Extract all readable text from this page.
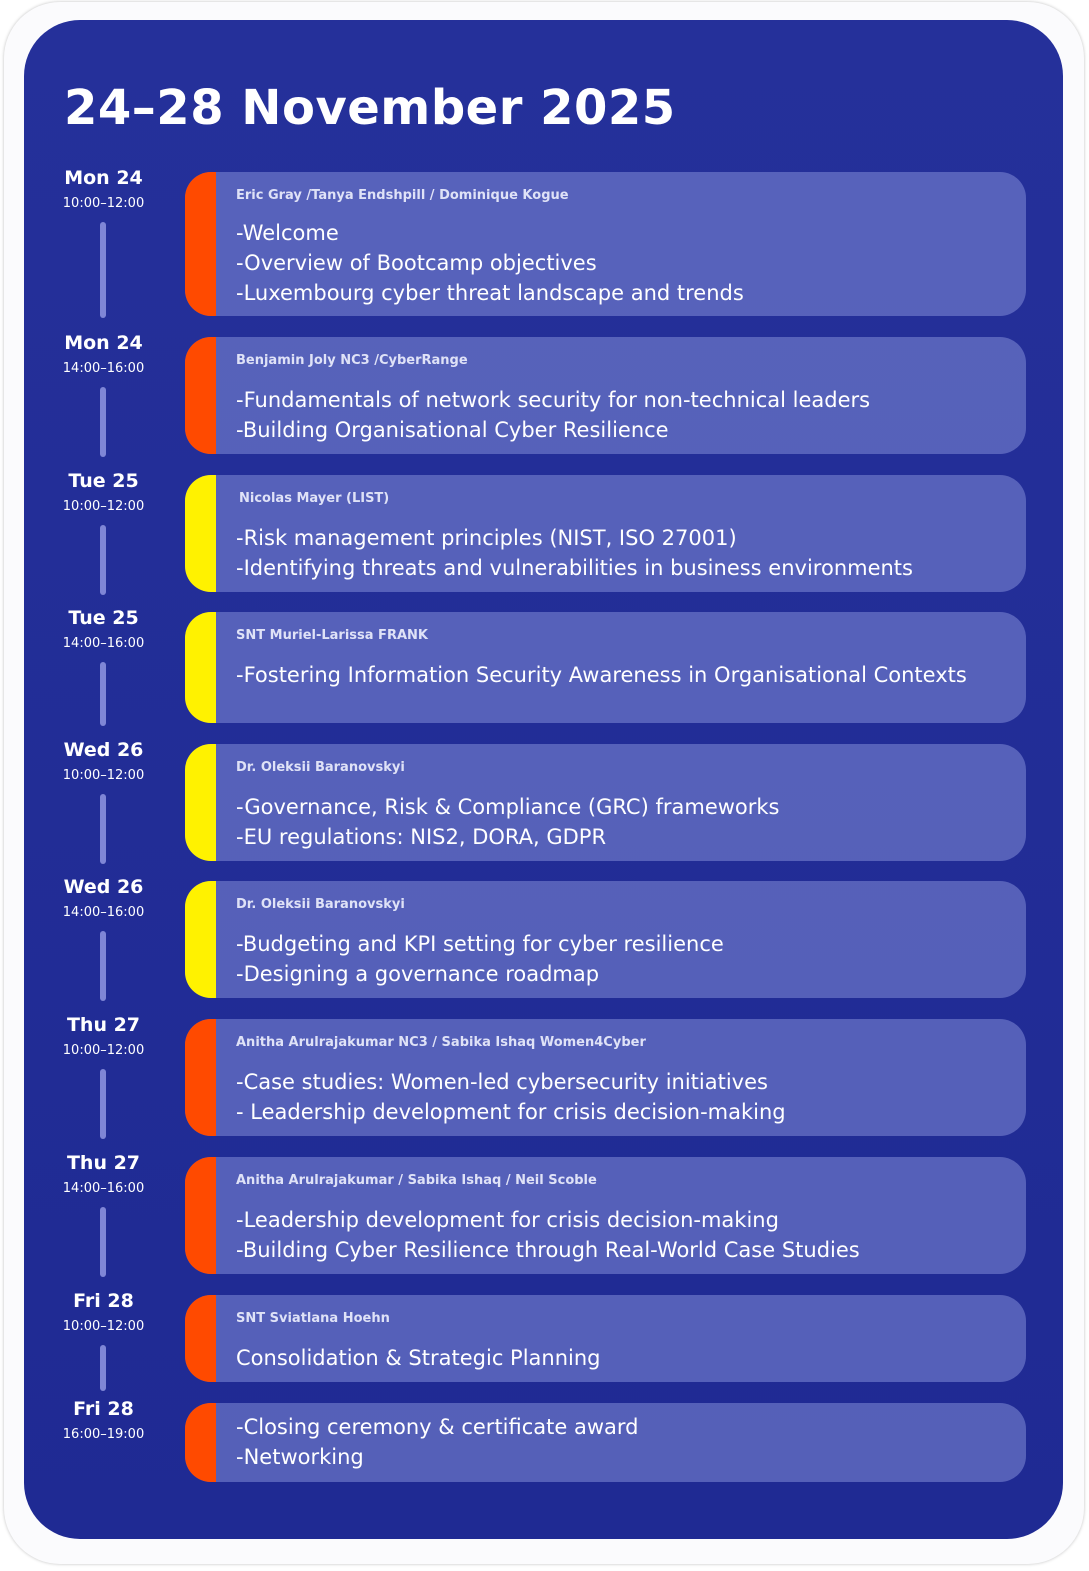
24–28 November 2025
Mon 24
10:00–12:00
Eric Gray /Tanya Endshpill / Dominique Kogue
-Welcome
-Overview of Bootcamp objectives
-Luxembourg cyber threat landscape and trends
Mon 24
14:00–16:00
Benjamin Joly NC3 /CyberRange
-Fundamentals of network security for non-technical leaders
-Building Organisational Cyber Resilience
Tue 25
10:00–12:00
Nicolas Mayer (LIST)
-Risk management principles (NIST, ISO 27001)
-Identifying threats and vulnerabilities in business environments
Tue 25
14:00–16:00
SNT Muriel-Larissa FRANK
-Fostering Information Security Awareness in Organisational Contexts
Wed 26
10:00–12:00
Dr. Oleksii Baranovskyi
-Governance, Risk & Compliance (GRC) frameworks
-EU regulations: NIS2, DORA, GDPR
Wed 26
14:00–16:00
Dr. Oleksii Baranovskyi
-Budgeting and KPI setting for cyber resilience
-Designing a governance roadmap
Thu 27
10:00–12:00
Anitha Arulrajakumar NC3 / Sabika Ishaq Women4Cyber
-Case studies: Women-led cybersecurity initiatives
- Leadership development for crisis decision-making
Thu 27
14:00–16:00
Anitha Arulrajakumar / Sabika Ishaq / Neil Scoble
-Leadership development for crisis decision-making
-Building Cyber Resilience through Real-World Case Studies
Fri 28
10:00–12:00
SNT Sviatlana Hoehn
Consolidation & Strategic Planning
Fri 28
16:00–19:00	-Closing ceremony & certificate award
-Networking
